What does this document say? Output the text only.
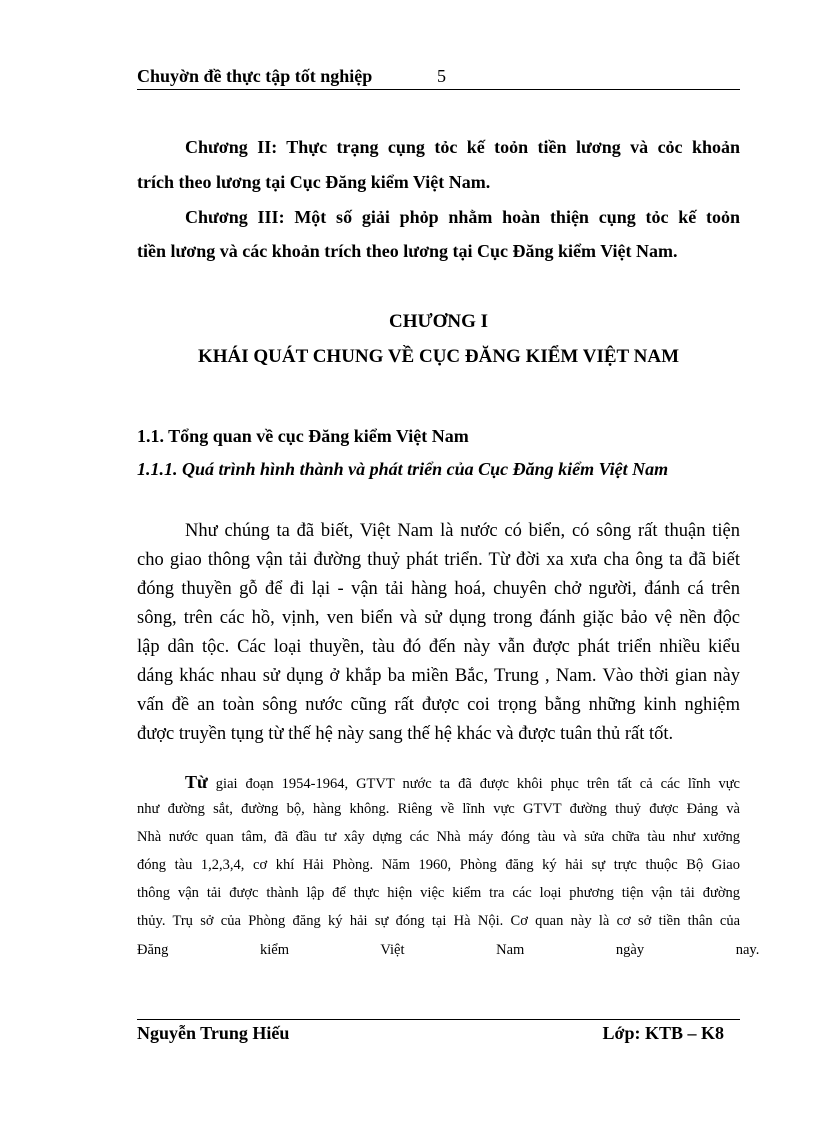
Chuyờn đề thực tập tốt nghiệp	5
Chương II: Thực trạng cụng tỏc kế toỏn tiền lương và cỏc khoản
trích theo lương tại Cục Đăng kiểm Việt Nam.
Chương III: Một số giải phỏp nhằm hoàn thiện cụng tỏc kế toỏn
tiền lương và các khoản trích theo lương tại Cục Đăng kiểm Việt Nam.
CHƯƠNG I
KHÁI QUÁT CHUNG VỀ CỤC ĐĂNG KIỂM VIỆT NAM
1.1. Tổng quan về cục Đăng kiểm Việt Nam
1.1.1. Quá trình hình thành và phát triển của Cục Đăng kiểm Việt Nam
Như chúng ta đã biết, Việt Nam là nước có biển, có sông rất thuận tiện
cho giao thông vận tải đường thuỷ phát triển. Từ đời xa xưa cha ông ta đã biết
đóng thuyền gỗ để đi lại - vận tải hàng hoá, chuyên chở người, đánh cá trên
sông, trên các hồ, vịnh, ven biển và sử dụng trong đánh giặc bảo vệ nền độc
lập dân tộc. Các loại thuyền, tàu đó đến này vẫn được phát triển nhiều kiểu
dáng khác nhau sử dụng ở khắp ba miền Bắc, Trung , Nam. Vào thời gian này
vấn đề an toàn sông nước cũng rất được coi trọng bằng những kinh nghiệm
được truyền tụng từ thế hệ này sang thế hệ khác và được tuân thủ rất tốt.
Từ giai đoạn 1954-1964, GTVT nước ta đã được khôi phục trên tất cả các lĩnh vực
như đường sắt, đường bộ, hàng không. Riêng về lĩnh vực GTVT đường thuỷ được Đảng và
Nhà nước quan tâm, đã đầu tư xây dựng các Nhà máy đóng tàu và sửa chữa tàu như xưởng
đóng tàu 1,2,3,4, cơ khí Hải Phòng. Năm 1960, Phòng đăng ký hải sự trực thuộc Bộ Giao
thông vận tải được thành lập để thực hiện việc kiểm tra các loại phương tiện vận tải đường
thủy. Trụ sở của Phòng đăng ký hải sự đóng tại Hà Nội. Cơ quan này là cơ sở tiền thân của
Đăng kiểm Việt Nam ngày nay.
Nguyễn Trung Hiếu	Lớp: KTB – K8
